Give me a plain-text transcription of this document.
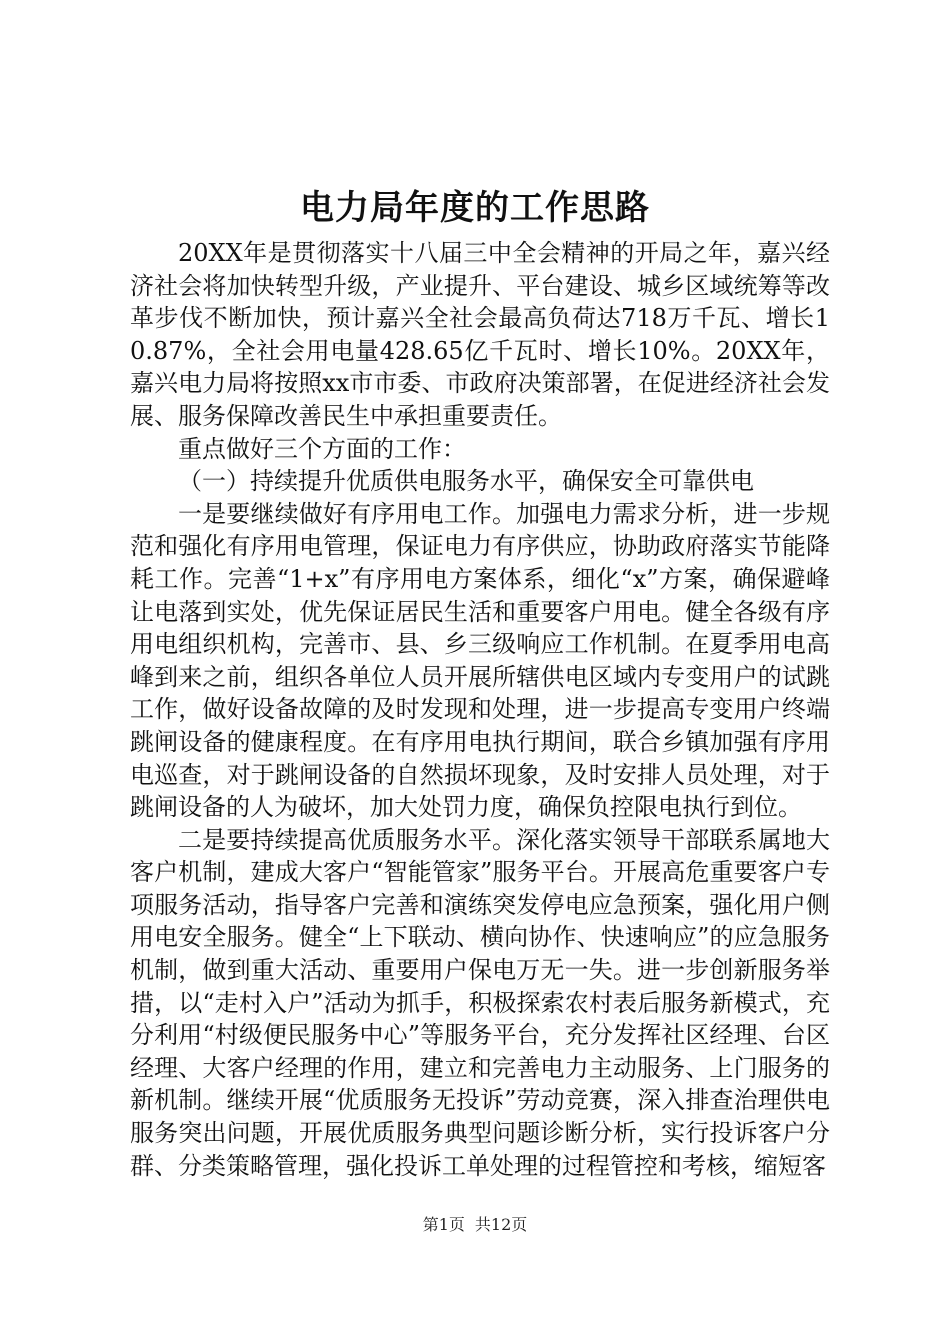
电力局年度的工作思路

20XX年是贯彻落实十八届三中全会精神的开局之年，嘉兴经济社会将加快转型升级，产业提升、平台建设、城乡区域统筹等改革步伐不断加快，预计嘉兴全社会最高负荷达718万千瓦、增长10.87%，全社会用电量428.65亿千瓦时、增长10%。20XX年，嘉兴电力局将按照xx市市委、市政府决策部署，在促进经济社会发展、服务保障改善民生中承担重要责任。

重点做好三个方面的工作：

（一）持续提升优质供电服务水平，确保安全可靠供电

一是要继续做好有序用电工作。加强电力需求分析，进一步规范和强化有序用电管理，保证电力有序供应，协助政府落实节能降耗工作。完善“1+x”有序用电方案体系，细化“x”方案，确保避峰让电落到实处，优先保证居民生活和重要客户用电。健全各级有序用电组织机构，完善市、县、乡三级响应工作机制。在夏季用电高峰到来之前，组织各单位人员开展所辖供电区域内专变用户的试跳工作，做好设备故障的及时发现和处理，进一步提高专变用户终端跳闸设备的健康程度。在有序用电执行期间，联合乡镇加强有序用电巡查，对于跳闸设备的自然损坏现象，及时安排人员处理，对于跳闸设备的人为破坏，加大处罚力度，确保负控限电执行到位。

二是要持续提高优质服务水平。深化落实领导干部联系属地大客户机制，建成大客户“智能管家”服务平台。开展高危重要客户专项服务活动，指导客户完善和演练突发停电应急预案，强化用户侧用电安全服务。健全“上下联动、横向协作、快速响应”的应急服务机制，做到重大活动、重要用户保电万无一失。进一步创新服务举措，以“走村入户”活动为抓手，积极探索农村表后服务新模式，充分利用“村级便民服务中心”等服务平台，充分发挥社区经理、台区经理、大客户经理的作用，建立和完善电力主动服务、上门服务的新机制。继续开展“优质服务无投诉”劳动竞赛，深入排查治理供电服务突出问题，开展优质服务典型问题诊断分析，实行投诉客户分群、分类策略管理，强化投诉工单处理的过程管控和考核，缩短客

第1页 共12页
